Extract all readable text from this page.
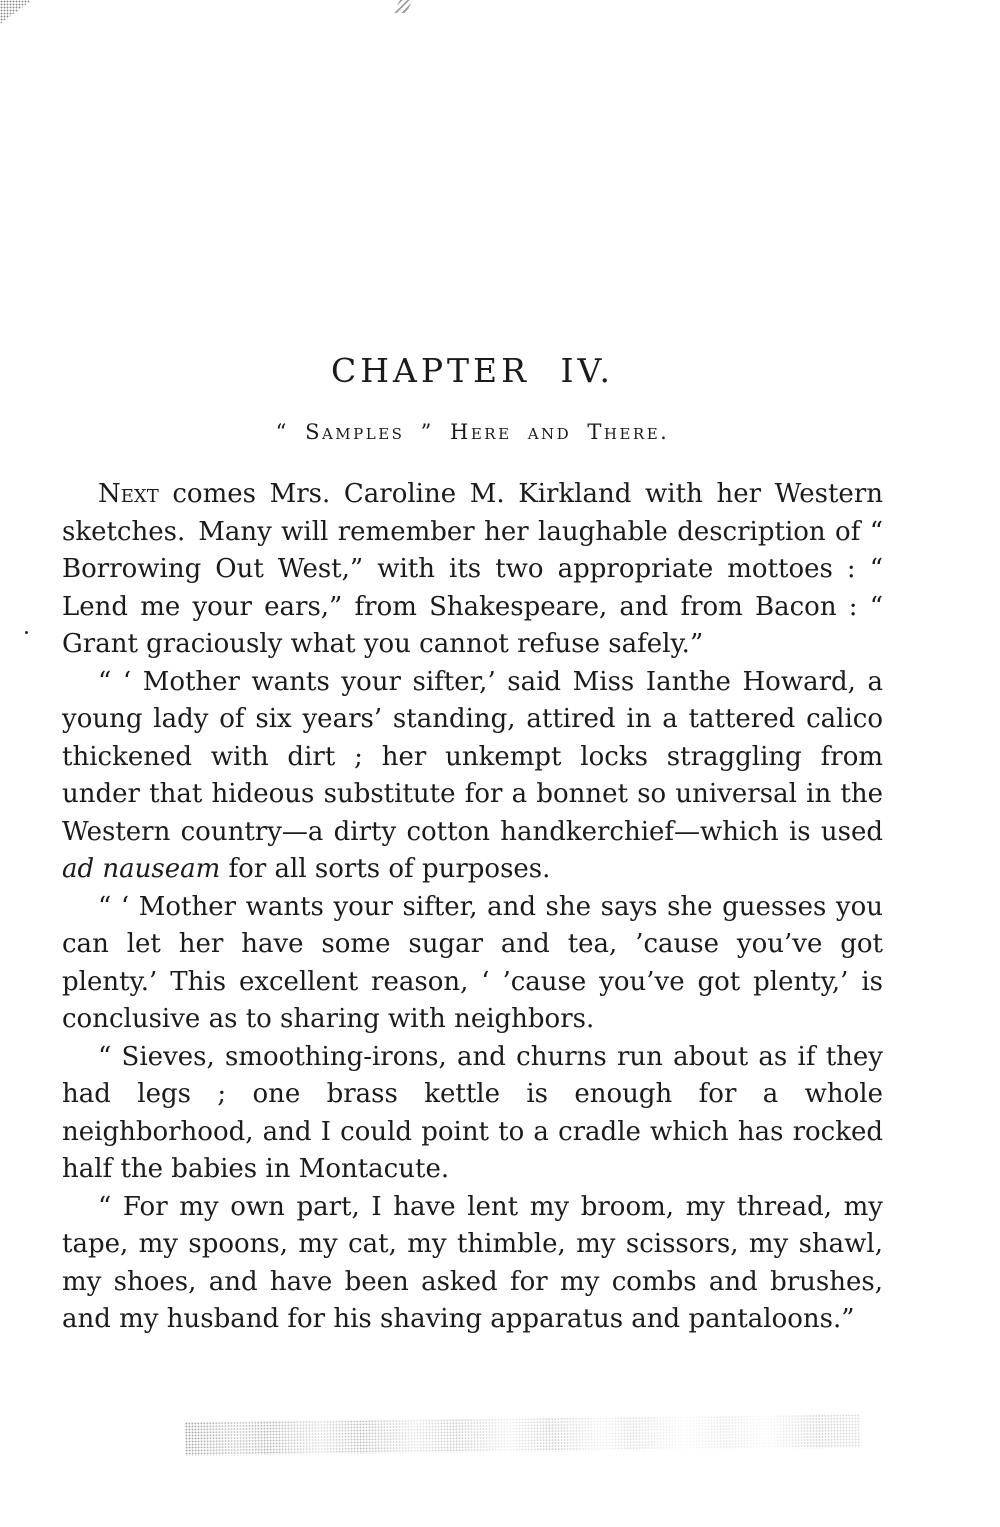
CHAPTER IV.
“ Samples ” Here and There.

Next comes Mrs. Caroline M. Kirkland with her Western sketches. Many will remember her laughable description of “ Borrowing Out West,” with its two appropriate mottoes : “ Lend me your ears,” from Shakespeare, and from Bacon : “ Grant graciously what you cannot refuse safely.”

“ ‘ Mother wants your sifter,’ said Miss Ianthe Howard, a young lady of six years’ standing, attired in a tattered calico thickened with dirt ; her unkempt locks straggling from under that hideous substitute for a bonnet so universal in the Western country—a dirty cotton handkerchief—which is used ad nauseam for all sorts of purposes.

“ ‘ Mother wants your sifter, and she says she guesses you can let her have some sugar and tea, ’cause you’ve got plenty.’ This excellent reason, ‘ ’cause you’ve got plenty,’ is conclusive as to sharing with neighbors.

“ Sieves, smoothing-irons, and churns run about as if they had legs ; one brass kettle is enough for a whole neighborhood, and I could point to a cradle which has rocked half the babies in Montacute.

“ For my own part, I have lent my broom, my thread, my tape, my spoons, my cat, my thimble, my scissors, my shawl, my shoes, and have been asked for my combs and brushes, and my husband for his shaving apparatus and pantaloons.”
